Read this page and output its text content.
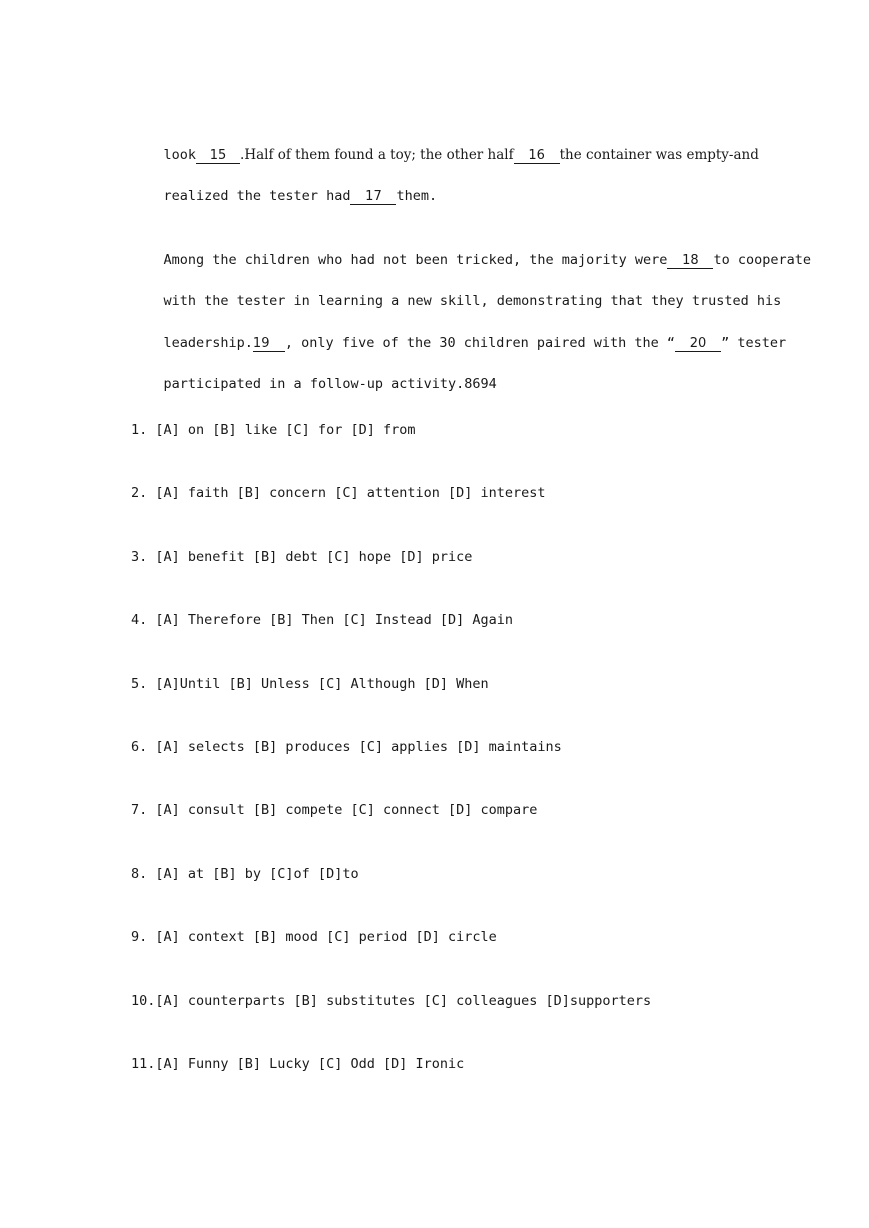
look 15 .Half of them found a toy; the other half 16 the container was empty-and

realized the tester had 17 them.

Among the children who had not been tricked, the majority were 18 to cooperate

with the tester in learning a new skill, demonstrating that they trusted his

leadership.19 , only five of the 30 children paired with the “ 20 ” tester

participated in a follow-up activity.8694

1. [A] on [B] like [C] for [D] from
2. [A] faith [B] concern [C] attention [D] interest
3. [A] benefit [B] debt [C] hope [D] price
4. [A] Therefore [B] Then [C] Instead [D] Again
5. [A]Until [B] Unless [C] Although [D] When
6. [A] selects [B] produces [C] applies [D] maintains
7. [A] consult [B] compete [C] connect [D] compare
8. [A] at [B] by [C]of [D]to
9. [A] context [B] mood [C] period [D] circle
10.[A] counterparts [B] substitutes [C] colleagues [D]supporters
11.[A] Funny [B] Lucky [C] Odd [D] Ironic
